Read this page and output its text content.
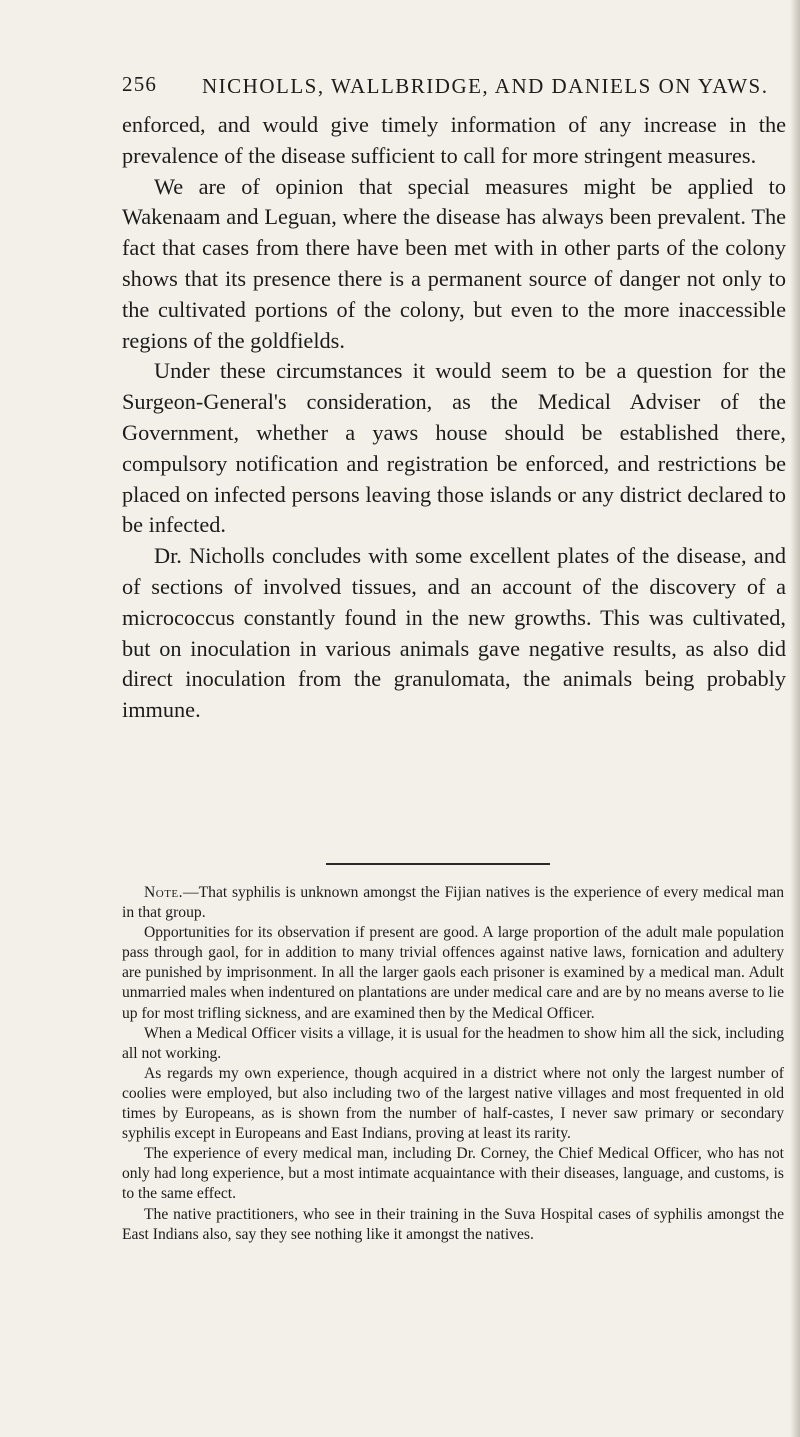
256 NICHOLLS, WALLBRIDGE, AND DANIELS ON YAWS.

enforced, and would give timely information of any increase in the prevalence of the disease sufficient to call for more stringent measures.

We are of opinion that special measures might be applied to Wakenaam and Leguan, where the disease has always been prevalent. The fact that cases from there have been met with in other parts of the colony shows that its presence there is a permanent source of danger not only to the cultivated portions of the colony, but even to the more inaccessible regions of the goldfields.

Under these circumstances it would seem to be a question for the Surgeon-General's consideration, as the Medical Adviser of the Government, whether a yaws house should be established there, compulsory notification and registration be enforced, and restrictions be placed on infected persons leaving those islands or any district declared to be infected.

Dr. Nicholls concludes with some excellent plates of the disease, and of sections of involved tissues, and an account of the discovery of a micrococcus constantly found in the new growths. This was cultivated, but on inoculation in various animals gave negative results, as also did direct inoculation from the granulomata, the animals being probably immune.

Note.—That syphilis is unknown amongst the Fijian natives is the experience of every medical man in that group.

Opportunities for its observation if present are good. A large proportion of the adult male population pass through gaol, for in addition to many trivial offences against native laws, fornication and adultery are punished by imprisonment. In all the larger gaols each prisoner is examined by a medical man. Adult unmarried males when indentured on plantations are under medical care and are by no means averse to lie up for most trifling sickness, and are examined then by the Medical Officer.

When a Medical Officer visits a village, it is usual for the headmen to show him all the sick, including all not working.

As regards my own experience, though acquired in a district where not only the largest number of coolies were employed, but also including two of the largest native villages and most frequented in old times by Europeans, as is shown from the number of half-castes, I never saw primary or secondary syphilis except in Europeans and East Indians, proving at least its rarity.

The experience of every medical man, including Dr. Corney, the Chief Medical Officer, who has not only had long experience, but a most intimate acquaintance with their diseases, language, and customs, is to the same effect.

The native practitioners, who see in their training in the Suva Hospital cases of syphilis amongst the East Indians also, say they see nothing like it amongst the natives.
